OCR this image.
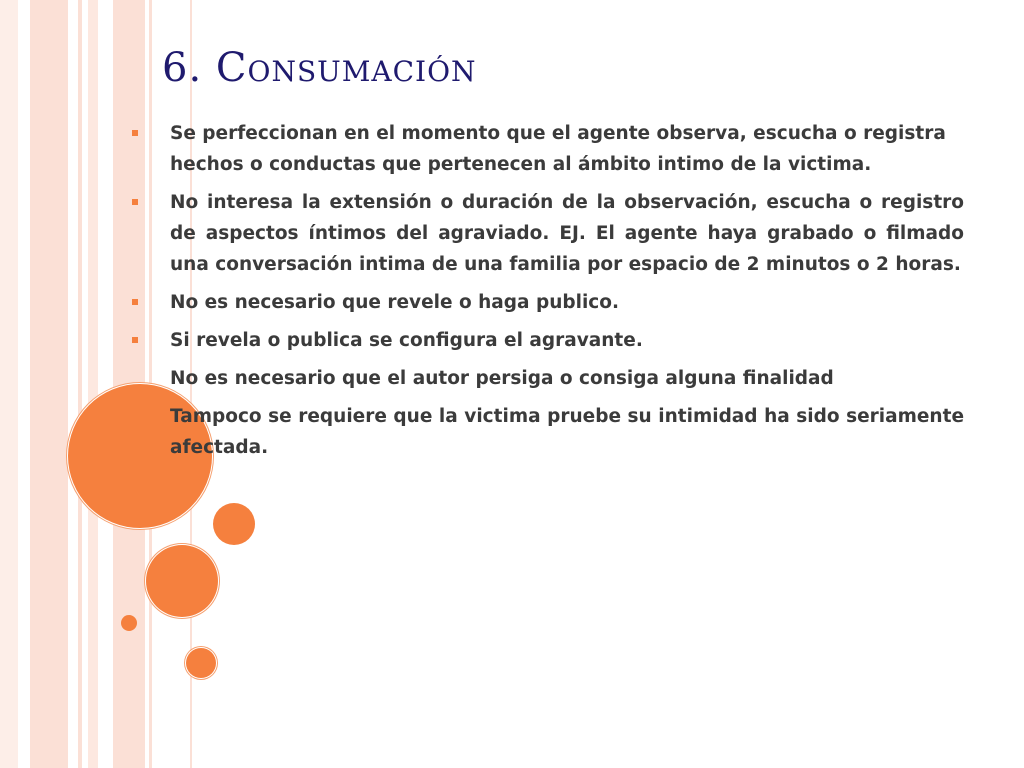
6. Consumación
Se perfeccionan en el momento que el agente observa, escucha o registra hechos o conductas que pertenecen al ámbito intimo de la victima.
No interesa la extensión o duración de la observación, escucha o registro de aspectos íntimos del agraviado. EJ. El agente haya grabado o filmado una conversación intima de una familia por espacio de 2 minutos o 2 horas.
No es necesario que revele o haga publico.
Si revela o publica se configura el agravante.
No es necesario que el autor persiga o consiga alguna finalidad
Tampoco se requiere que la victima pruebe su intimidad ha sido seriamente afectada.
